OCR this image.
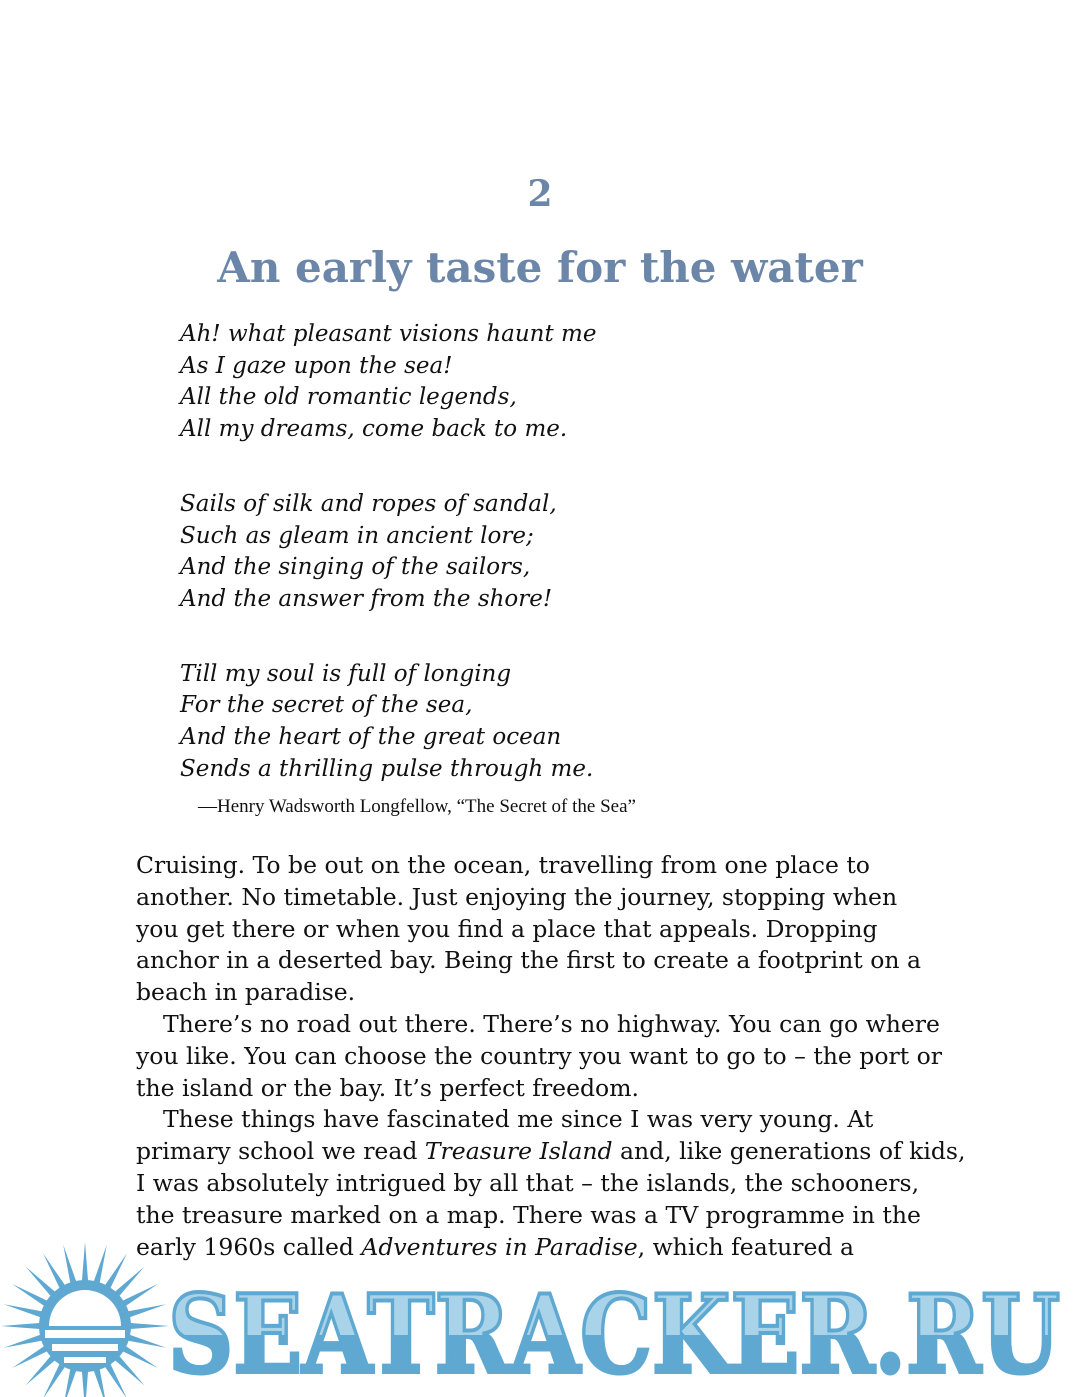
2
An early taste for the water
Ah! what pleasant visions haunt me
As I gaze upon the sea!
All the old romantic legends,
All my dreams, come back to me.
Sails of silk and ropes of sandal,
Such as gleam in ancient lore;
And the singing of the sailors,
And the answer from the shore!
Till my soul is full of longing
For the secret of the sea,
And the heart of the great ocean
Sends a thrilling pulse through me.
—Henry Wadsworth Longfellow, “The Secret of the Sea”
Cruising. To be out on the ocean, travelling from one place to
another. No timetable. Just enjoying the journey, stopping when
you get there or when you find a place that appeals. Dropping
anchor in a deserted bay. Being the first to create a footprint on a
beach in paradise.
There’s no road out there. There’s no highway. You can go where
you like. You can choose the country you want to go to – the port or
the island or the bay. It’s perfect freedom.
These things have fascinated me since I was very young. At
primary school we read Treasure Island and, like generations of kids,
I was absolutely intrigued by all that – the islands, the schooners,
the treasure marked on a map. There was a TV programme in the
early 1960s called Adventures in Paradise, which featured a
SEATRACKER.RU
